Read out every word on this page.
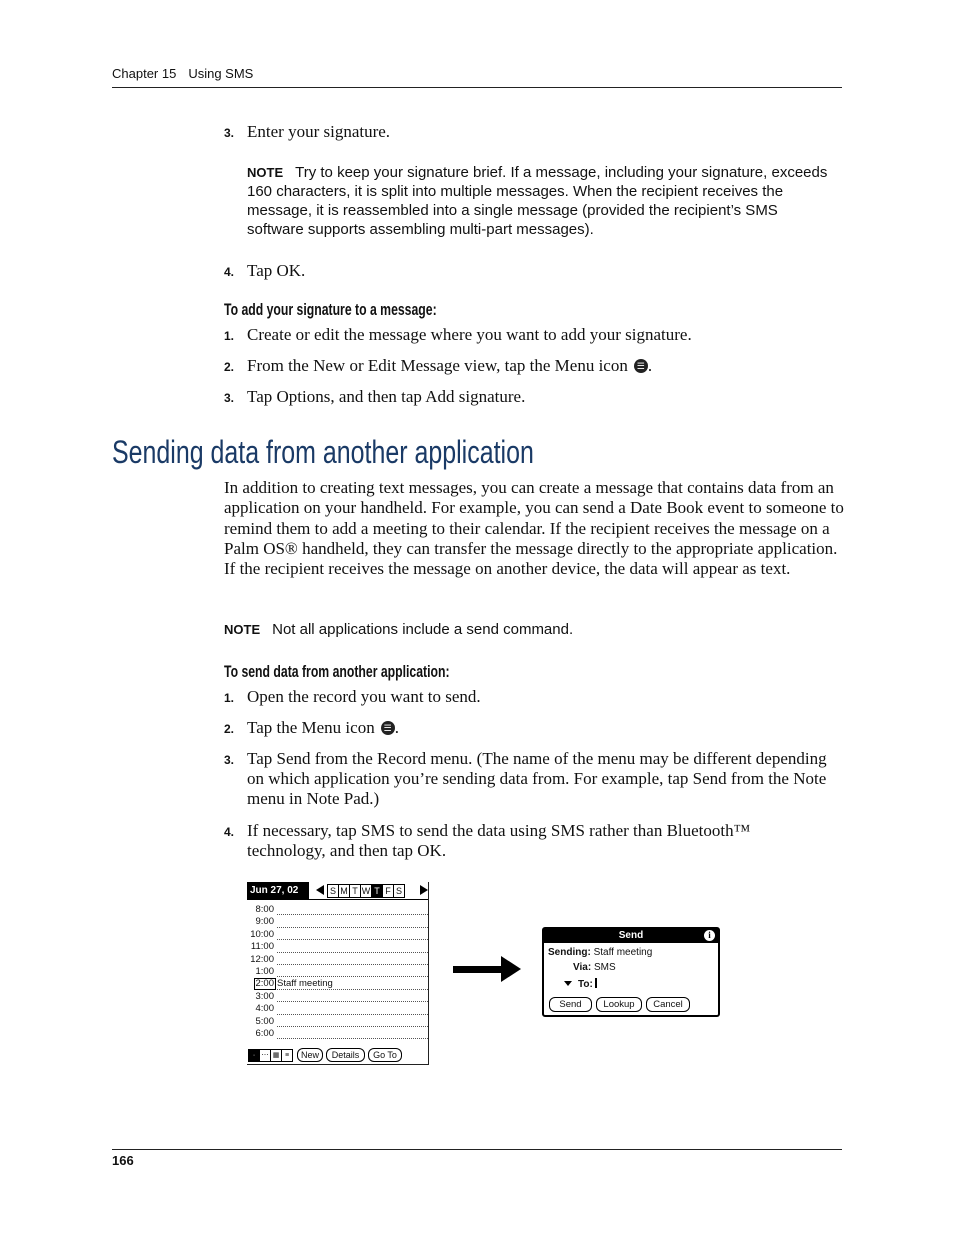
Chapter 15 Using SMS
3. Enter your signature.
NOTE Try to keep your signature brief. If a message, including your signature, exceeds 160 characters, it is split into multiple messages. When the recipient receives the message, it is reassembled into a single message (provided the recipient’s SMS software supports assembling multi-part messages).
4. Tap OK.
To add your signature to a message:
1. Create or edit the message where you want to add your signature.
2. From the New or Edit Message view, tap the Menu icon ☰ .
3. Tap Options, and then tap Add signature.
Sending data from another application
In addition to creating text messages, you can create a message that contains data from an application on your handheld. For example, you can send a Date Book event to someone to remind them to add a meeting to their calendar. If the recipient receives the message on a Palm OS® handheld, they can transfer the message directly to the appropriate application. If the recipient receives the message on another device, the data will appear as text.
NOTE Not all applications include a send command.
To send data from another application:
1. Open the record you want to send.
2. Tap the Menu icon ☰ .
3. Tap Send from the Record menu. (The name of the menu may be different depending on which application you’re sending data from. For example, tap Send from the Note menu in Note Pad.)
4. If necessary, tap SMS to send the data using SMS rather than Bluetooth™ technology, and then tap OK.
Jun 27, 02	S M T W T F S
8:00
9:00
10:00
11:00
12:00
1:00
2:00 Staff meeting
3:00
4:00
5:00
6:00
· ⋯ ▦ ≡	New	Details	Go To
Send	i
Sending: Staff meeting
Via: SMS
To:
Send	Lookup	Cancel
166
